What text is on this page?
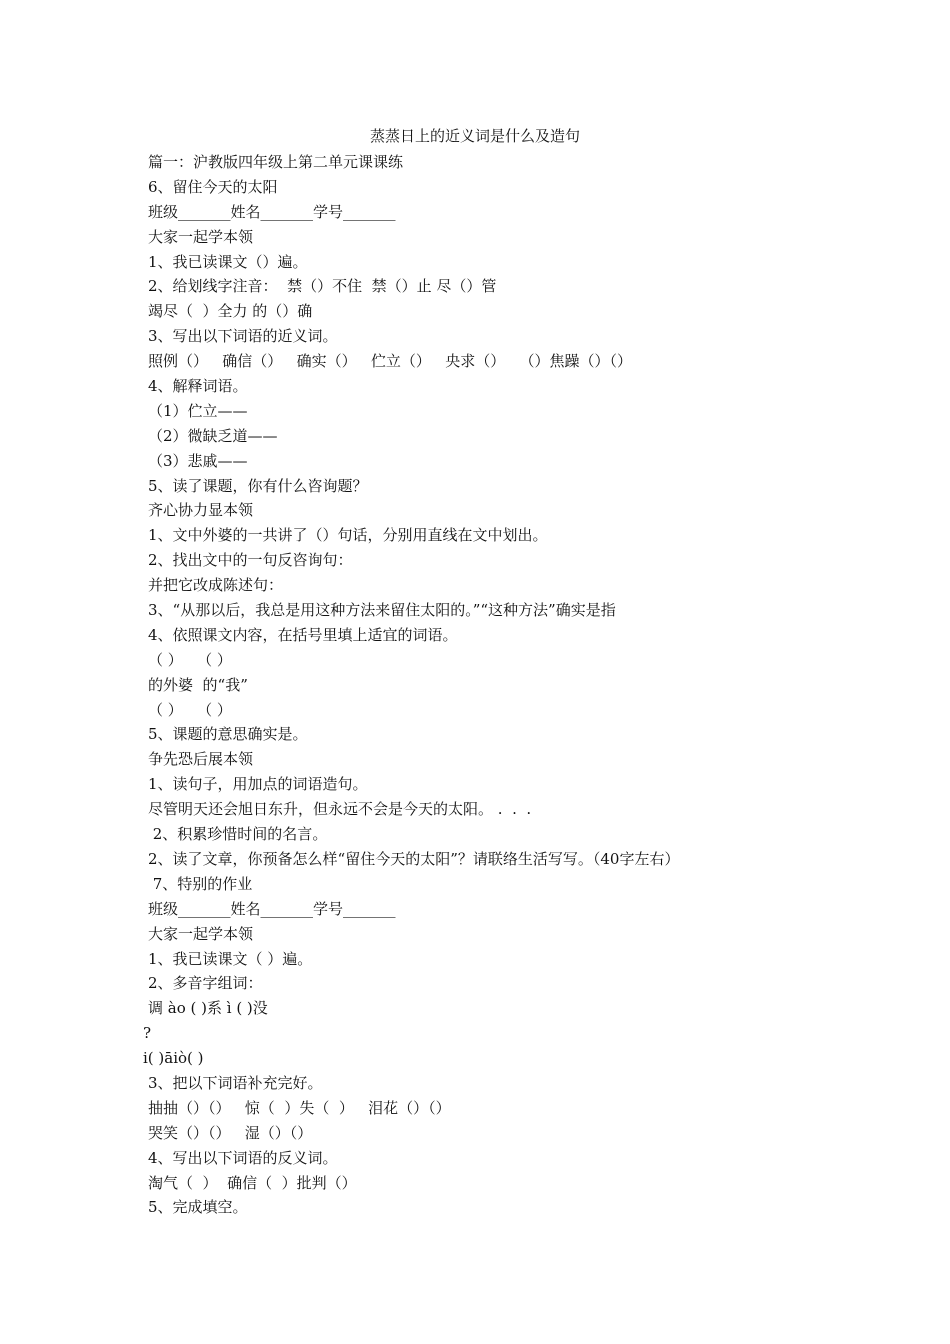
蒸蒸日上的近义词是什么及造句
篇一：沪教版四年级上第二单元课课练
6、留住今天的太阳
班级_______姓名_______学号_______
大家一起学本领
1、我已读课文（）遍。
2、给划线字注音：  禁（）不住  禁（）止 尽（）管
竭尽（  ）全力 的（）确
3、写出以下词语的近义词。
照例（）   确信（）   确实（）   伫立（）   央求（）   （）焦躁（）（）
4、解释词语。
（1）伫立——
（2）微缺乏道——
（3）悲戚——
5、读了课题，你有什么咨询题？
齐心协力显本领
1、文中外婆的一共讲了（）句话，分别用直线在文中划出。
2、找出文中的一句反咨询句：
并把它改成陈述句：
3、“从那以后，我总是用这种方法来留住太阳的。”“这种方法”确实是指
4、依照课文内容，在括号里填上适宜的词语。
（ ）   （ ）
的外婆  的“我”
（ ）   （ ）
5、课题的意思确实是。
争先恐后展本领
1、读句子，用加点的词语造句。
尽管明天还会旭日东升，但永远不会是今天的太阳。 .  .  .
2、积累珍惜时间的名言。
2、读了文章，你预备怎么样“留住今天的太阳”？请联络生活写写。（40字左右）
7、特别的作业
班级_______姓名_______学号_______
大家一起学本领
1、我已读课文（ ）遍。
2、多音字组词：
调 ào ( )系 ì ( )没
?
i( )āiò( )
3、把以下词语补充完好。
抽抽（）（）   惊（  ）失（  ）   泪花（）（）
哭笑（）（）   湿（）（）
4、写出以下词语的反义词。
淘气（  ）  确信（  ）批判（）
5、完成填空。
